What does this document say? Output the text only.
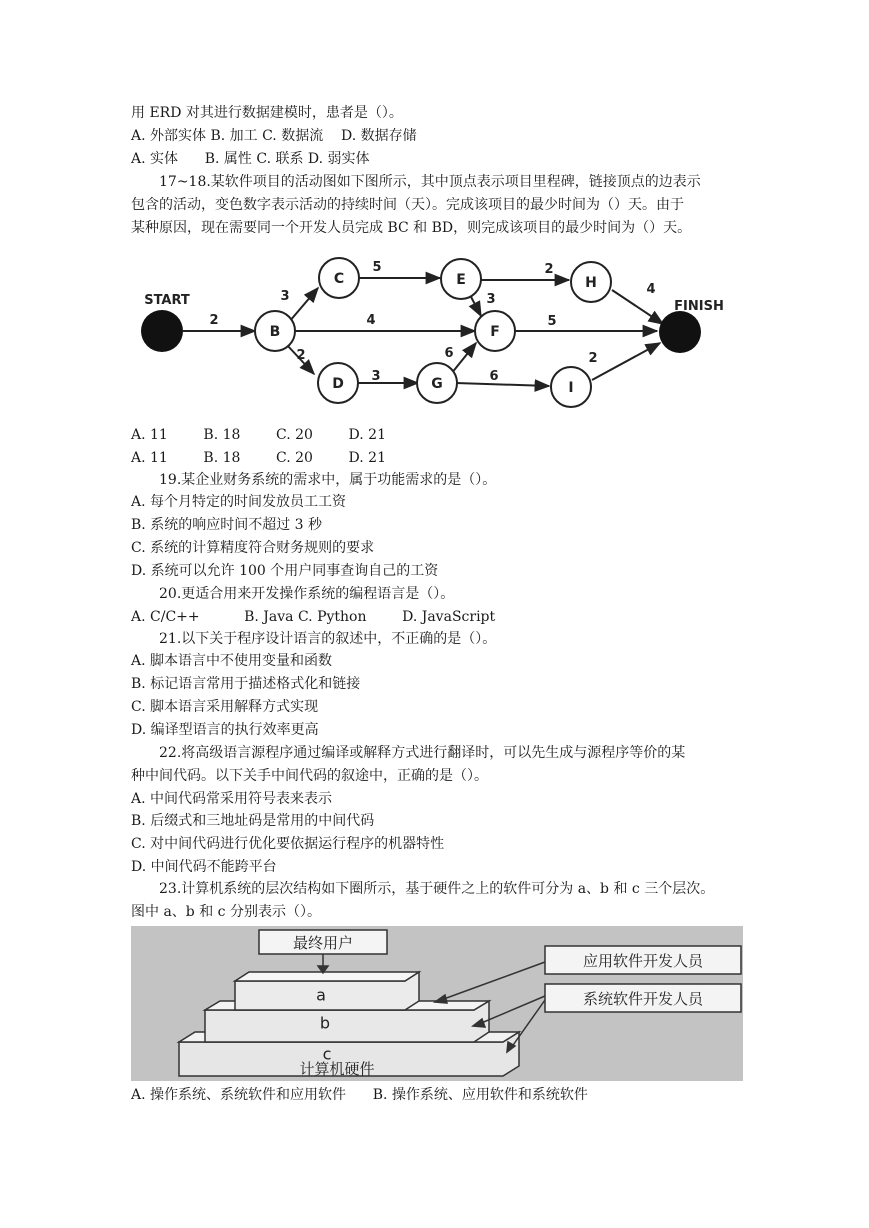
用 ERD 对其进行数据建模时，患者是（）。
A. 外部实体 B. 加工 C. 数据流    D. 数据存储
A. 实体      B. 属性 C. 联系 D. 弱实体
17~18.某软件项目的活动图如下图所示，其中顶点表示项目里程碑，链接顶点的边表示
包含的活动，变色数字表示活动的持续时间（天）。完成该项目的最少时间为（）天。由于
某种原因，现在需要同一个开发人员完成 BC 和 BD，则完成该项目的最少时间为（）天。
B
C
D
E
F
G
H
I
START	FINISH
2
3
4
2
5	2
3
4
5
3
6
6
2
A. 11        B. 18        C. 20        D. 21
A. 11        B. 18        C. 20        D. 21
19.某企业财务系统的需求中，属于功能需求的是（）。
A. 每个月特定的时间发放员工工资
B. 系统的响应时间不超过 3 秒
C. 系统的计算精度符合财务规则的要求
D. 系统可以允许 100 个用户同事查询自己的工资
20.更适合用来开发操作系统的编程语言是（）。
A. C/C++          B. Java C. Python        D. JavaScript
21.以下关于程序设计语言的叙述中，不正确的是（）。
A. 脚本语言中不使用变量和函数
B. 标记语言常用于描述格式化和链接
C. 脚本语言采用解释方式实现
D. 编译型语言的执行效率更高
22.将高级语言源程序通过编译或解释方式进行翻译时，可以先生成与源程序等价的某
种中间代码。以下关手中间代码的叙途中，正确的是（）。
A. 中间代码常采用符号表来表示
B. 后缀式和三地址码是常用的中间代码
C. 对中间代码进行优化要依据运行程序的机器特性
D. 中间代码不能跨平台
23.计算机系统的层次结构如下圈所示，基于硬件之上的软件可分为 a、b 和 c 三个层次。
图中 a、b 和 c 分别表示（）。
最终用户
a
b
c
计算机硬件
应用软件开发人员
系统软件开发人员
A. 操作系统、系统软件和应用软件      B. 操作系统、应用软件和系统软件
